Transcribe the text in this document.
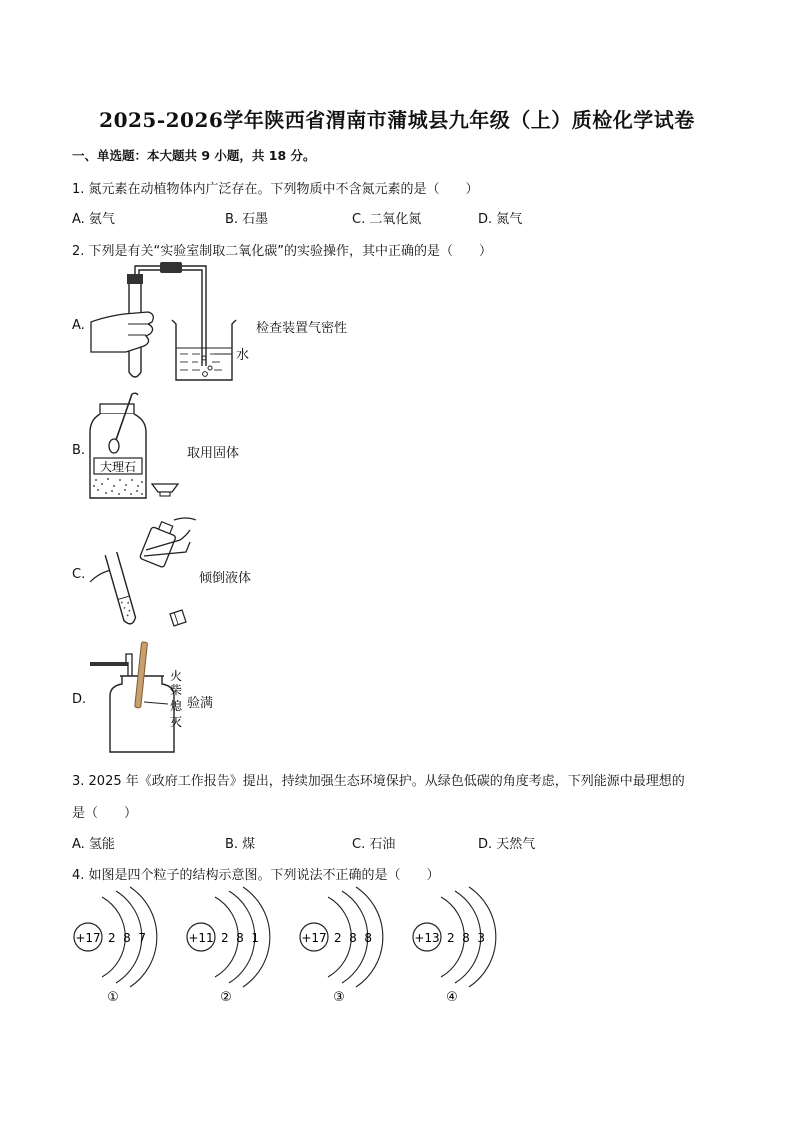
2025-2026学年陕西省渭南市蒲城县九年级（上）质检化学试卷
一、单选题：本大题共 9 小题，共 18 分。
1. 氮元素在动植物体内广泛存在。下列物质中不含氮元素的是（　　）
A. 氨气	B. 石墨	C. 二氧化氮	D. 氮气
2. 下列是有关“实验室制取二氧化碳”的实验操作，其中正确的是（　　）
A.
水
检查装置气密性
B.
大理石
取用固体
C.	倾倒液体
D.
火
柴
熄
灭
验满
3. 2025 年《政府工作报告》提出，持续加强生态环境保护。从绿色低碳的角度考虑，下列能源中最理想的
是（　　）
A. 氢能	B. 煤	C. 石油	D. 天然气
4. 如图是四个粒子的结构示意图。下列说法不正确的是（　　）
+17 2 8 7
①
+11 2 8 1
②
+17 2 8 8
③
+13 2 8 3
④
